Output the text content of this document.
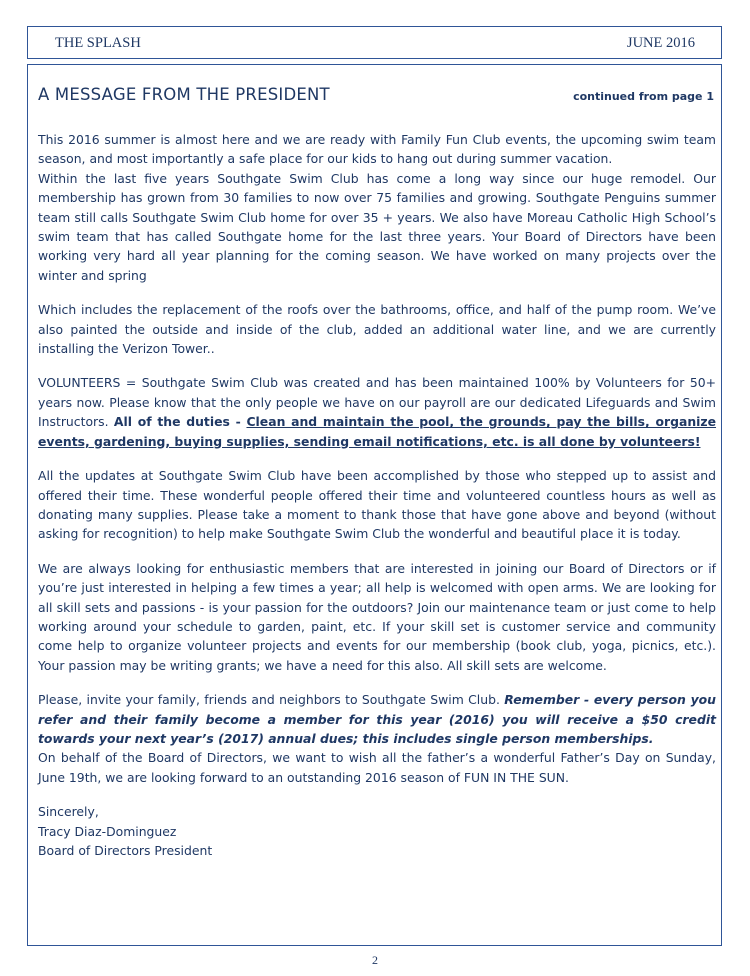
THE SPLASH	JUNE 2016
A MESSAGE FROM THE PRESIDENT	continued from page 1

This 2016 summer is almost here and we are ready with Family Fun Club events, the upcoming swim team season, and most importantly a safe place for our kids to hang out during summer vacation.

Within the last five years Southgate Swim Club has come a long way since our huge remodel. Our membership has grown from 30 families to now over 75 families and growing. Southgate Penguins summer team still calls Southgate Swim Club home for over 35 + years. We also have Moreau Catholic High School’s swim team that has called Southgate home for the last three years. Your Board of Directors have been working very hard all year planning for the coming season. We have worked on many projects over the winter and spring

Which includes the replacement of the roofs over the bathrooms, office, and half of the pump room. We’ve also painted the outside and inside of the club, added an additional water line, and we are currently installing the Verizon Tower..

VOLUNTEERS = Southgate Swim Club was created and has been maintained 100% by Volunteers for 50+ years now. Please know that the only people we have on our payroll are our dedicated Lifeguards and Swim Instructors. All of the duties - Clean and maintain the pool, the grounds, pay the bills, organize events, gardening, buying supplies, sending email notifications, etc. is all done by volunteers!

All the updates at Southgate Swim Club have been accomplished by those who stepped up to assist and offered their time. These wonderful people offered their time and volunteered countless hours as well as donating many supplies. Please take a moment to thank those that have gone above and beyond (without asking for recognition) to help make Southgate Swim Club the wonderful and beautiful place it is today.

We are always looking for enthusiastic members that are interested in joining our Board of Directors or if you’re just interested in helping a few times a year; all help is welcomed with open arms. We are looking for all skill sets and passions - is your passion for the outdoors? Join our maintenance team or just come to help working around your schedule to garden, paint, etc. If your skill set is customer service and community come help to organize volunteer projects and events for our membership (book club, yoga, picnics, etc.). Your passion may be writing grants; we have a need for this also. All skill sets are welcome.

Please, invite your family, friends and neighbors to Southgate Swim Club. Remember - every person you refer and their family become a member for this year (2016) you will receive a $50 credit towards your next year’s (2017) annual dues; this includes single person memberships.

On behalf of the Board of Directors, we want to wish all the father’s a wonderful Father’s Day on Sunday, June 19th, we are looking forward to an outstanding 2016 season of FUN IN THE SUN.

Sincerely,

Tracy Diaz-Dominguez

Board of Directors President

2
